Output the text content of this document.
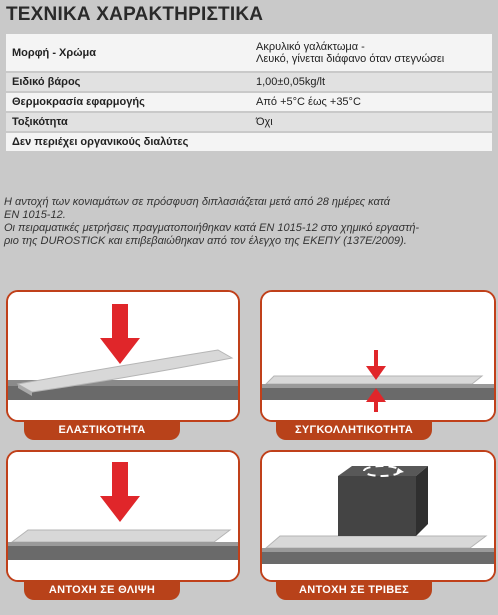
ΤΕΧΝΙΚΑ ΧΑΡΑΚΤΗΡΙΣΤΙΚΑ
Μορφή - Χρώμα	Ακρυλικό γαλάκτωμα -
Λευκό, γίνεται διάφανο όταν στεγνώσει

Ειδικό βάρος	1,00±0,05kg/lt
Θερμοκρασία εφαρμογής	Από +5°C έως +35°C
Τοξικότητα	Όχι
Δεν περιέχει οργανικούς διαλύτες	

Η αντοχή των κονιαμάτων σε πρόσφυση διπλασιάζεται μετά από 28 ημέρες κατά

EN 1015-12.

Οι πειραματικές μετρήσεις πραγματοποιήθηκαν κατά EN 1015-12 στο χημικό εργαστή-

ριο της DUROSTICK και επιβεβαιώθηκαν από τον έλεγχο της ΕΚΕΠΥ (137Ε/2009).

ΕΛΑΣΤΙΚΟΤΗΤΑ	ΣΥΓΚΟΛΛΗΤΙΚΟΤΗΤΑ
ΑΝΤΟΧΗ ΣΕ ΘΛΙΨΗ	ΑΝΤΟΧΗ ΣΕ ΤΡΙΒΕΣ
